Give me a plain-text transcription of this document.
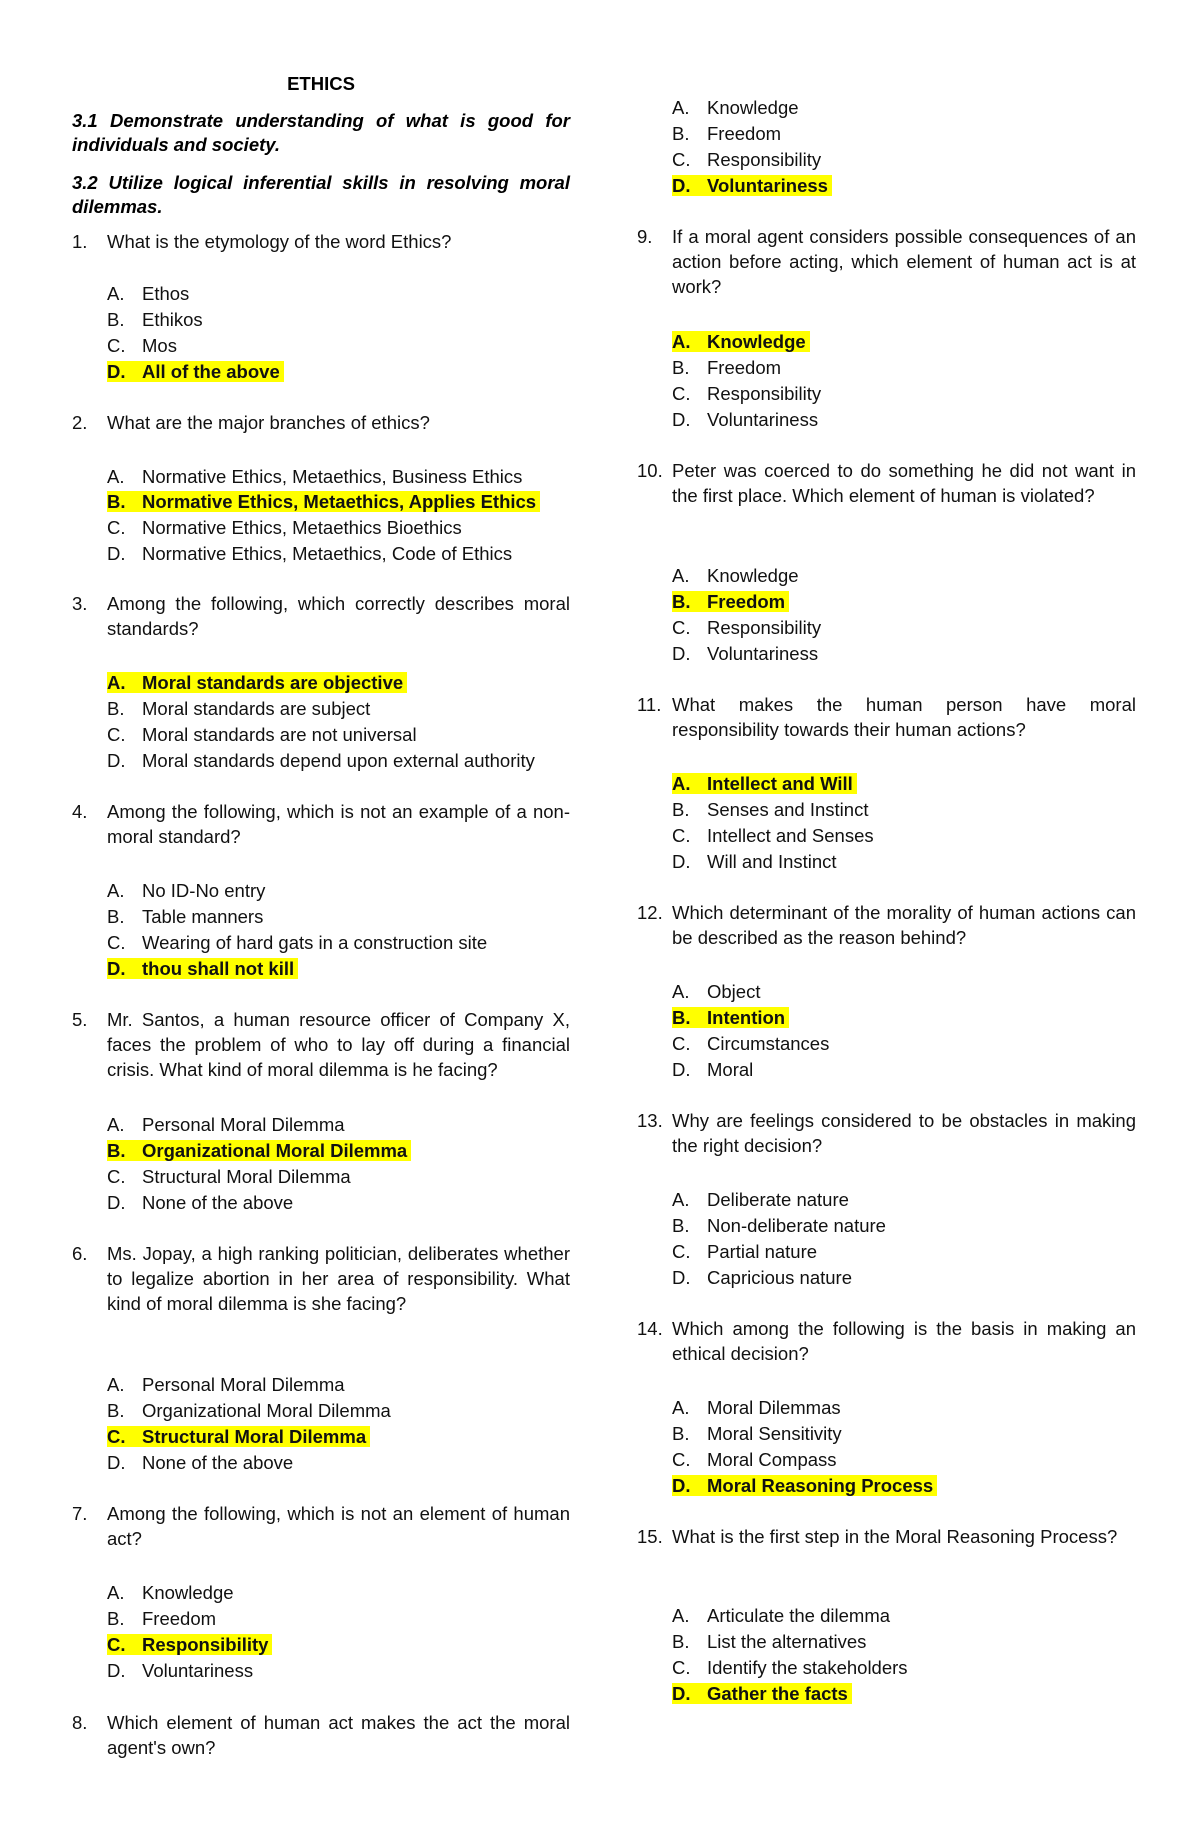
ETHICS
3.1 Demonstrate understanding of what is good for individuals and society.
3.2 Utilize logical inferential skills in resolving moral dilemmas.
1. What is the etymology of the word Ethics?
A. Ethos
B. Ethikos
C. Mos
D. All of the above
2. What are the major branches of ethics?
A. Normative Ethics, Metaethics, Business Ethics
B. Normative Ethics, Metaethics, Applies Ethics
C. Normative Ethics, Metaethics Bioethics
D. Normative Ethics, Metaethics, Code of Ethics
3. Among the following, which correctly describes moral standards?
A. Moral standards are objective
B. Moral standards are subject
C. Moral standards are not universal
D. Moral standards depend upon external authority
4. Among the following, which is not an example of a non-moral standard?
A. No ID-No entry
B. Table manners
C. Wearing of hard gats in a construction site
D. thou shall not kill
5. Mr. Santos, a human resource officer of Company X, faces the problem of who to lay off during a financial crisis. What kind of moral dilemma is he facing?
A. Personal Moral Dilemma
B. Organizational Moral Dilemma
C. Structural Moral Dilemma
D. None of the above
6. Ms. Jopay, a high ranking politician, deliberates whether to legalize abortion in her area of responsibility. What kind of moral dilemma is she facing?
A. Personal Moral Dilemma
B. Organizational Moral Dilemma
C. Structural Moral Dilemma
D. None of the above
7. Among the following, which is not an element of human act?
A. Knowledge
B. Freedom
C. Responsibility
D. Voluntariness
8. Which element of human act makes the act the moral agent's own?
A. Knowledge
B. Freedom
C. Responsibility
D. Voluntariness
9. If a moral agent considers possible consequences of an action before acting, which element of human act is at work?
A. Knowledge
B. Freedom
C. Responsibility
D. Voluntariness
10. Peter was coerced to do something he did not want in the first place. Which element of human is violated?
A. Knowledge
B. Freedom
C. Responsibility
D. Voluntariness
11. What makes the human person have moral responsibility towards their human actions?
A. Intellect and Will
B. Senses and Instinct
C. Intellect and Senses
D. Will and Instinct
12. Which determinant of the morality of human actions can be described as the reason behind?
A. Object
B. Intention
C. Circumstances
D. Moral
13. Why are feelings considered to be obstacles in making the right decision?
A. Deliberate nature
B. Non-deliberate nature
C. Partial nature
D. Capricious nature
14. Which among the following is the basis in making an ethical decision?
A. Moral Dilemmas
B. Moral Sensitivity
C. Moral Compass
D. Moral Reasoning Process
15. What is the first step in the Moral Reasoning Process?
A. Articulate the dilemma
B. List the alternatives
C. Identify the stakeholders
D. Gather the facts
